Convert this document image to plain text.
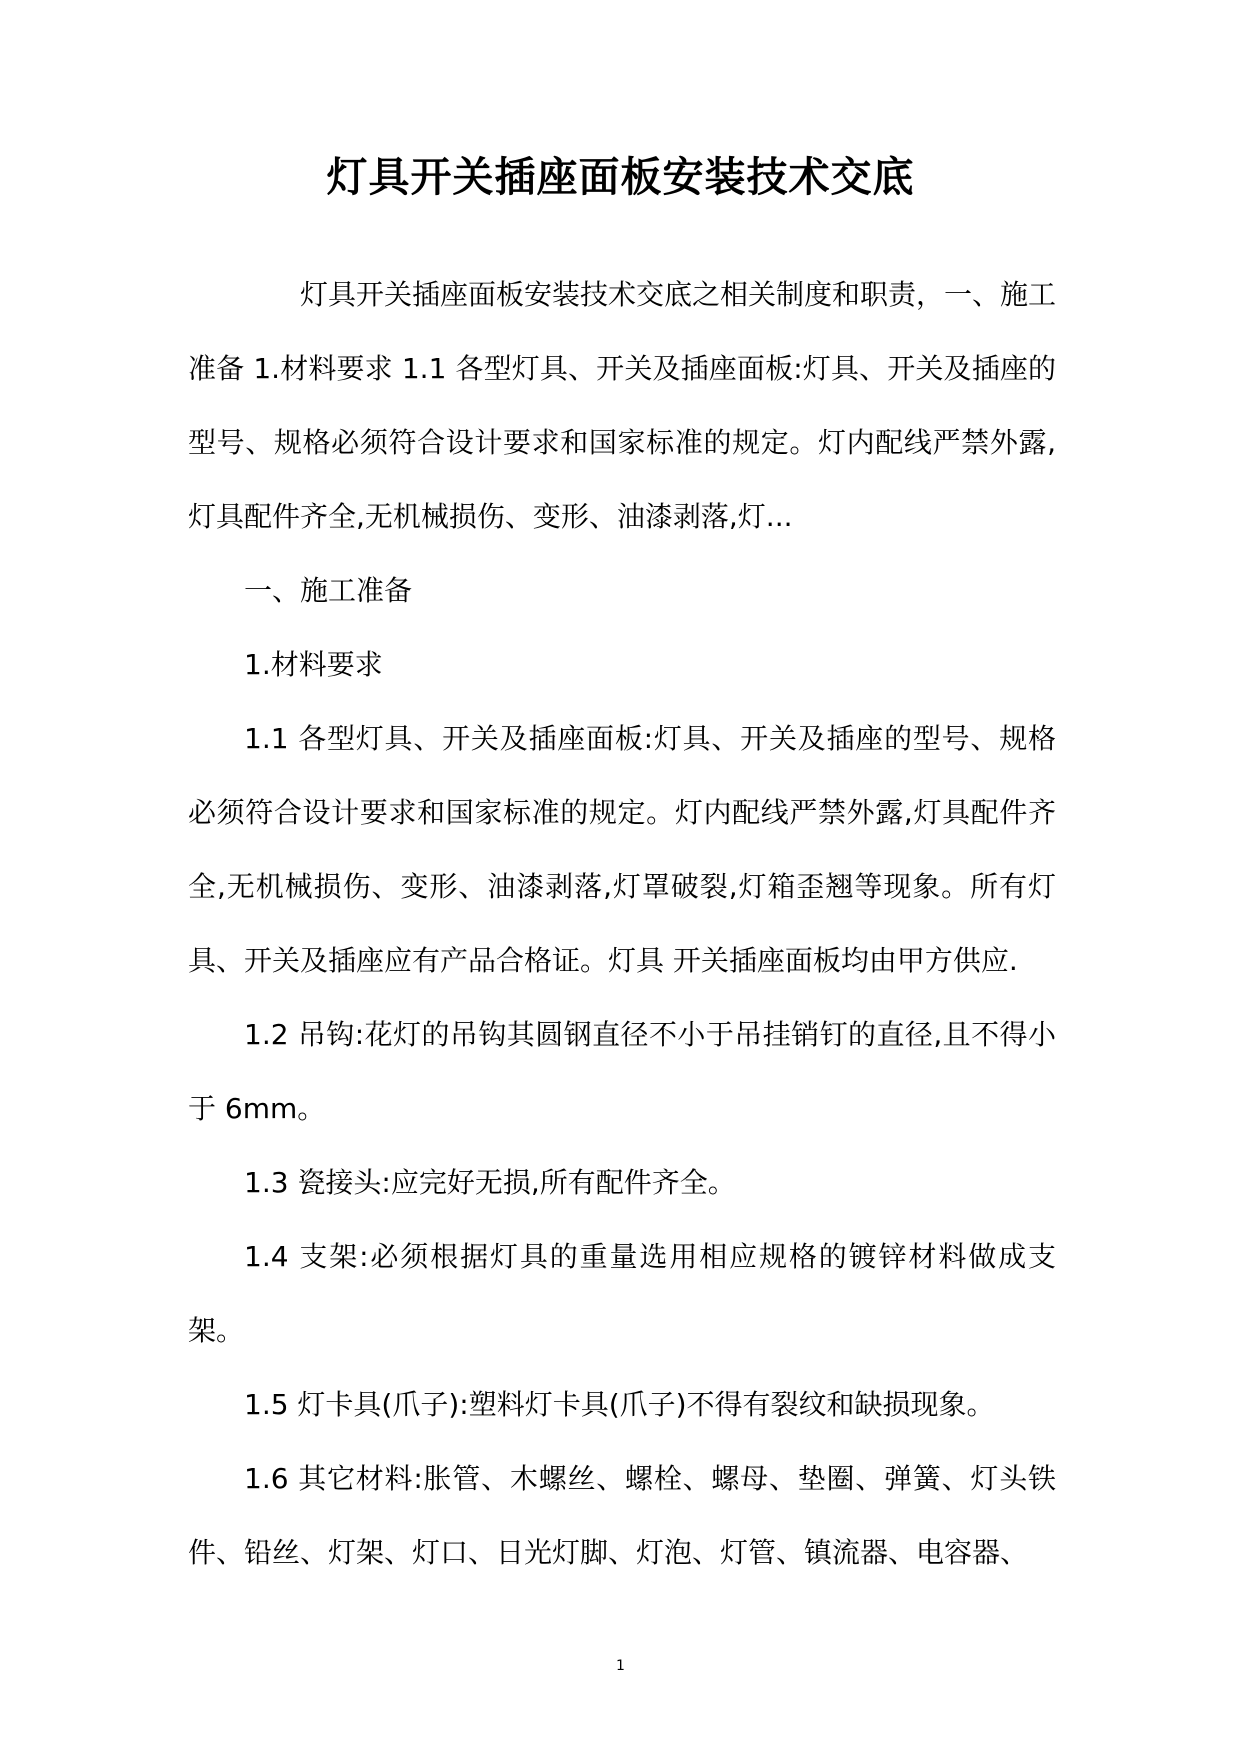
灯具开关插座面板安装技术交底

灯具开关插座面板安装技术交底之相关制度和职责，一、施工准备 1.材料要求 1.1 各型灯具、开关及插座面板:灯具、开关及插座的型号、规格必须符合设计要求和国家标准的规定。灯内配线严禁外露,灯具配件齐全,无机械损伤、变形、油漆剥落,灯...

一、施工准备

1.材料要求

1.1 各型灯具、开关及插座面板:灯具、开关及插座的型号、规格必须符合设计要求和国家标准的规定。灯内配线严禁外露,灯具配件齐全,无机械损伤、变形、油漆剥落,灯罩破裂,灯箱歪翘等现象。所有灯具、开关及插座应有产品合格证。灯具 开关插座面板均由甲方供应.

1.2 吊钩:花灯的吊钩其圆钢直径不小于吊挂销钉的直径,且不得小于 6mm。

1.3 瓷接头:应完好无损,所有配件齐全。

1.4 支架:必须根据灯具的重量选用相应规格的镀锌材料做成支架。

1.5 灯卡具(爪子):塑料灯卡具(爪子)不得有裂纹和缺损现象。

1.6 其它材料:胀管、木螺丝、螺栓、螺母、垫圈、弹簧、灯头铁件、铅丝、灯架、灯口、日光灯脚、灯泡、灯管、镇流器、电容器、

1
